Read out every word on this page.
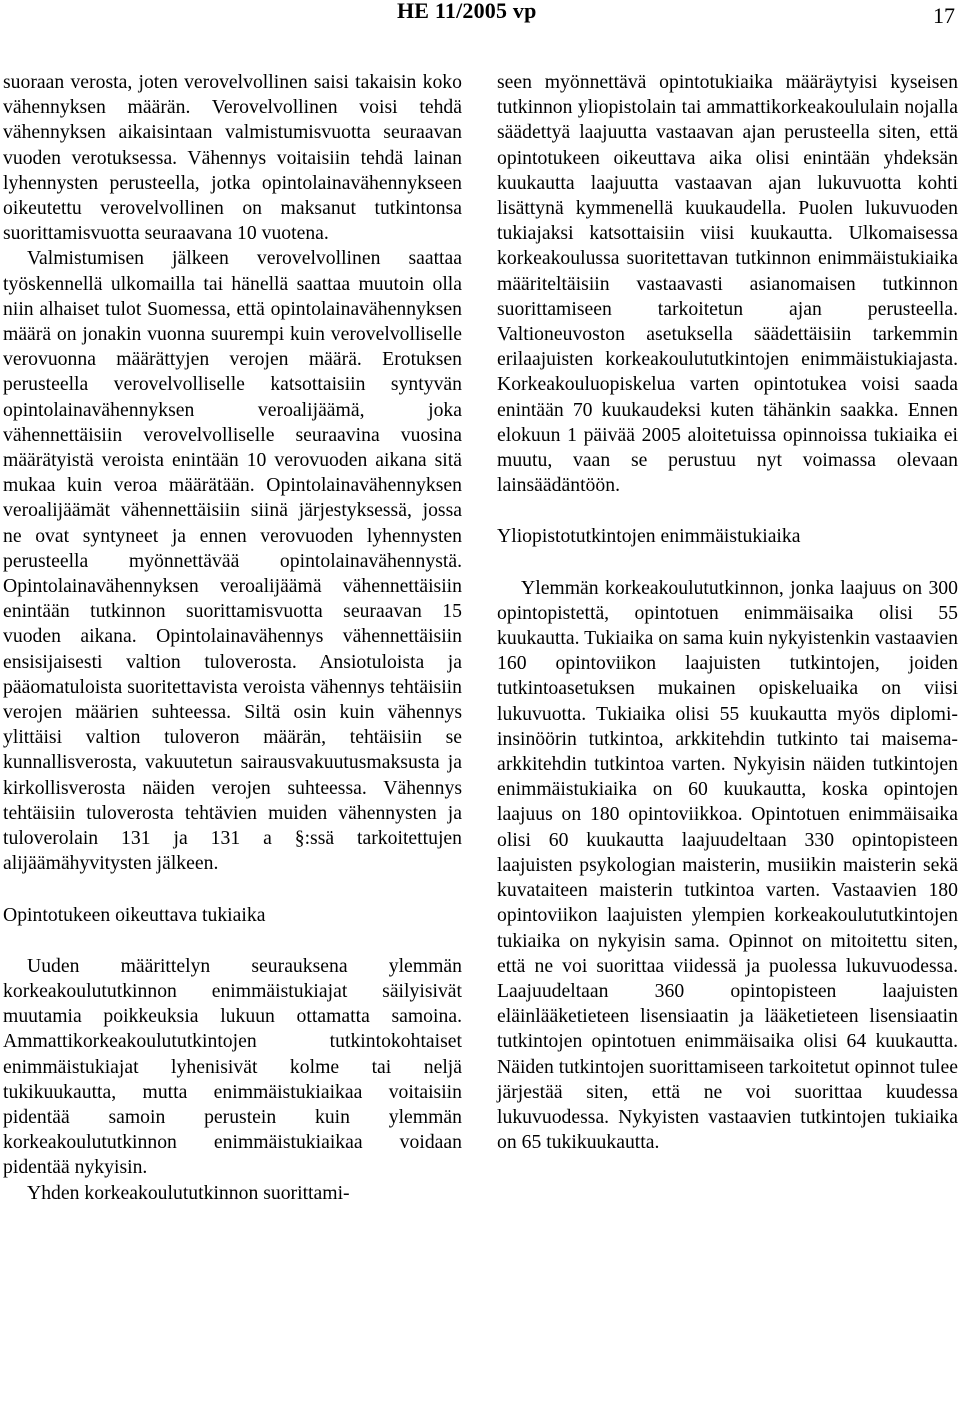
HE 11/2005 vp	17

suoraan verosta, joten verovelvollinen saisi takaisin koko vähennyksen määrän. Verovelvollinen voisi tehdä vähennyksen aikaisintaan valmistumisvuotta seuraavan vuoden verotuksessa. Vähennys voitaisiin tehdä lainan lyhennysten perusteella, jotka opintolainavähennykseen oikeutettu verovelvollinen on maksanut tutkintonsa suorittamisvuotta seuraavana 10 vuotena.

Valmistumisen jälkeen verovelvollinen saattaa työskennellä ulkomailla tai hänellä saattaa muutoin olla niin alhaiset tulot Suomessa, että opintolainavähennyksen määrä on jonakin vuonna suurempi kuin verovelvolliselle verovuonna määrättyjen verojen määrä. Erotuksen perusteella verovelvolliselle katsottaisiin syntyvän opintolainavähennyksen veroalijäämä, joka vähennettäisiin verovelvolliselle seuraavina vuosina määrätyistä veroista enintään 10 verovuoden aikana sitä mukaa kuin veroa määrätään. Opintolainavähennyksen veroalijäämät vähennettäisiin siinä järjestyksessä, jossa ne ovat syntyneet ja ennen verovuoden lyhennysten perusteella myönnettävää opintolainavähennystä. Opintolainavähennyksen veroalijäämä vähennettäisiin enintään tutkinnon suorittamisvuotta seuraavan 15 vuoden aikana. Opintolainavähennys vähennettäisiin ensisijaisesti valtion tuloverosta. Ansiotuloista ja pääomatuloista suoritettavista veroista vähennys tehtäisiin verojen määrien suhteessa. Siltä osin kuin vähennys ylittäisi valtion tuloveron määrän, tehtäisiin se kunnallisverosta, vakuutetun sairausvakuutusmaksusta ja kirkollisverosta näiden verojen suhteessa. Vähennys tehtäisiin tuloverosta tehtävien muiden vähennysten ja tuloverolain 131 ja 131 a §:ssä tarkoitettujen alijäämähyvitysten jälkeen.

Opintotukeen oikeuttava tukiaika

Uuden määrittelyn seurauksena ylemmän korkeakoulututkinnon enimmäistukiajat säilyisivät muutamia poikkeuksia lukuun ottamatta samoina. Ammattikorkeakoulututkintojen tutkintokohtaiset enimmäistukiajat lyhenisivät kolme tai neljä tukikuukautta, mutta enimmäistukiaikaa voitaisiin pidentää samoin perustein kuin ylemmän korkeakoulututkinnon enimmäistukiaikaa voidaan pidentää nykyisin.

Yhden korkeakoulututkinnon suorittami-

seen myönnettävä opintotukiaika määräytyisi kyseisen tutkinnon yliopistolain tai ammattikorkeakoululain nojalla säädettyä laajuutta vastaavan ajan perusteella siten, että opintotukeen oikeuttava aika olisi enintään yhdeksän kuukautta laajuutta vastaavan ajan lukuvuotta kohti lisättynä kymmenellä kuukaudella. Puolen lukuvuoden tukiajaksi katsottaisiin viisi kuukautta. Ulkomaisessa korkeakoulussa suoritettavan tutkinnon enimmäistukiaika määriteltäisiin vastaavasti asianomaisen tutkinnon suorittamiseen tarkoitetun ajan perusteella. Valtioneuvoston asetuksella säädettäisiin tarkemmin erilaajuisten korkeakoulututkintojen enimmäistukiajasta. Korkeakouluopiskelua varten opintotukea voisi saada enintään 70 kuukaudeksi kuten tähänkin saakka. Ennen elokuun 1 päivää 2005 aloitetuissa opinnoissa tukiaika ei muutu, vaan se perustuu nyt voimassa olevaan lainsäädäntöön.

Yliopistotutkintojen enimmäistukiaika

Ylemmän korkeakoulututkinnon, jonka laajuus on 300 opintopistettä, opintotuen enimmäisaika olisi 55 kuukautta. Tukiaika on sama kuin nykyistenkin vastaavien 160 opintoviikon laajuisten tutkintojen, joiden tutkintoasetuksen mukainen opiskeluaika on viisi lukuvuotta. Tukiaika olisi 55 kuukautta myös diplomi-insinöörin tutkintoa, arkkitehdin tutkinto tai maisema-arkkitehdin tutkintoa varten. Nykyisin näiden tutkintojen enimmäistukiaika on 60 kuukautta, koska opintojen laajuus on 180 opintoviikkoa. Opintotuen enimmäisaika olisi 60 kuukautta laajuudeltaan 330 opintopisteen laajuisten psykologian maisterin, musiikin maisterin sekä kuvataiteen maisterin tutkintoa varten. Vastaavien 180 opintoviikon laajuisten ylempien korkeakoulututkintojen tukiaika on nykyisin sama. Opinnot on mitoitettu siten, että ne voi suorittaa viidessä ja puolessa lukuvuodessa. Laajuudeltaan 360 opintopisteen laajuisten eläinlääketieteen lisensiaatin ja lääketieteen lisensiaatin tutkintojen opintotuen enimmäisaika olisi 64 kuukautta. Näiden tutkintojen suorittamiseen tarkoitetut opinnot tulee järjestää siten, että ne voi suorittaa kuudessa lukuvuodessa. Nykyisten vastaavien tutkintojen tukiaika on 65 tukikuukautta.
